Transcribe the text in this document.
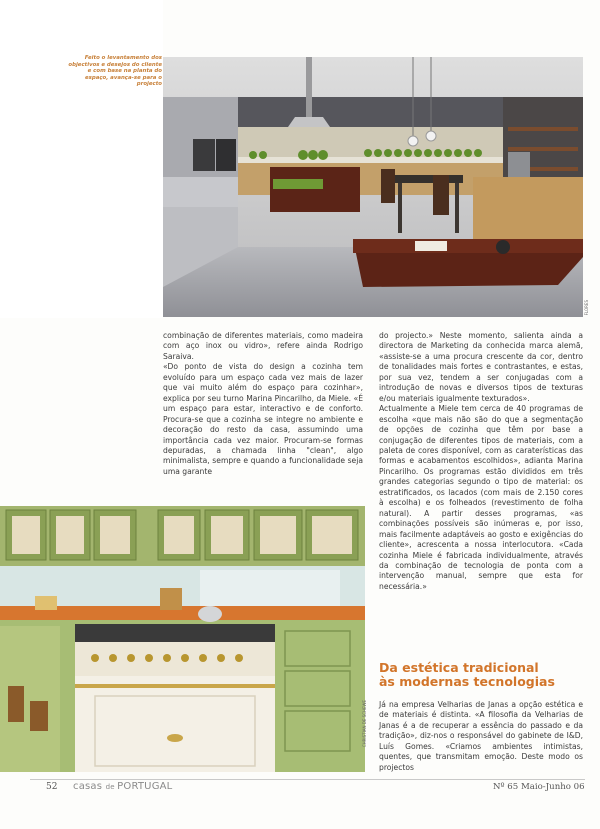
FLORES
Feito o levantamento dos objectivos e desejos do cliente e com base na planta do espaço, avança-se para o projecto

combinação de diferentes materiais, como madeira com aço inox ou vidro», refere ainda Rodrigo Saraiva.

«Do ponto de vista do design a cozinha tem evoluído para um espaço cada vez mais de lazer que vai muito além do espaço para cozinhar», explica por seu turno Marina Pincarilho, da Miele. «É um espaço para estar, interactivo e de conforto. Procura-se que a cozinha se integre no ambiente e decoração do resto da casa, assumindo uma importância cada vez maior. Procuram-se formas depuradas, a chamada linha "clean", algo minimalista, sempre e quando a funcionalidade seja uma garante

do projecto.» Neste momento, salienta ainda a directora de Marketing da conhecida marca alemã, «assiste-se a uma procura crescente da cor, dentro de tonalidades mais fortes e contrastantes, e estas, por sua vez, tendem a ser conjugadas com a introdução de novas e diversos tipos de texturas e/ou materiais igualmente texturados».

Actualmente a Miele tem cerca de 40 programas de escolha «que mais não são do que a segmentação de opções de cozinha que têm por base a conjugação de diferentes tipos de materiais, com a paleta de cores disponível, com as caraterísticas das formas e acabamentos escolhidos», adianta Marina Pincarilho. Os programas estão divididos em três grandes categorias segundo o tipo de material: os estratificados, os lacados (com mais de 2.150 cores à escolha) e os folheados (revestimento de folha natural). A partir desses programas, «as combinações possíveis são inúmeras e, por isso, mais facilmente adaptáveis ao gosto e exigências do cliente», acrescenta a nossa interlocutora. «Cada cozinha Miele é fabricada individualmente, através da combinação de tecnologia de ponta com a intervenção manual, sempre que esta for necessária.»

Da estética tradicional
às modernas tecnologias

Já na empresa Velharias de Janas a opção estética e de materiais é distinta. «A filosofia da Velharias de Janas é a de recuperar a essência do passado e da tradição», diz-nos o responsável do gabinete de I&D, Luís Gomes. «Criamos ambientes intimistas, quentes, que transmitam emoção. Deste modo os projectos

CHRISTIAN DE SCHEWE
52 casas de PORTUGAL	Nº 65 Maio-Junho 06
